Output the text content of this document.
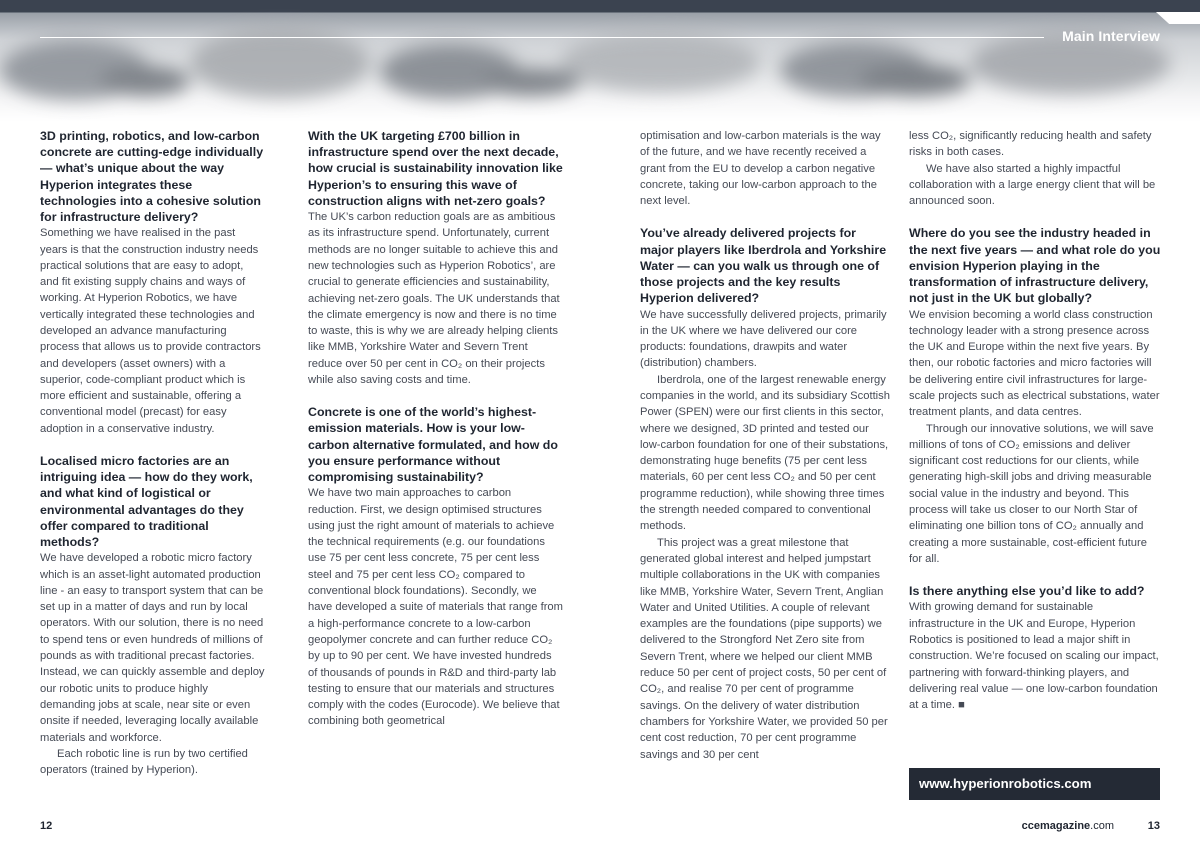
Main Interview
3D printing, robotics, and low-carbon concrete are cutting-edge individually — what’s unique about the way Hyperion integrates these technologies into a cohesive solution for infrastructure delivery?

Something we have realised in the past years is that the construction industry needs practical solutions that are easy to adopt, and fit existing supply chains and ways of working. At Hyperion Robotics, we have vertically integrated these technologies and developed an advance manufacturing process that allows us to provide contractors and developers (asset owners) with a superior, code-compliant product which is more efficient and sustainable, offering a conventional model (precast) for easy adoption in a conservative industry.

Localised micro factories are an intriguing idea — how do they work, and what kind of logistical or environmental advantages do they offer compared to traditional methods?

We have developed a robotic micro factory which is an asset-light automated production line - an easy to transport system that can be set up in a matter of days and run by local operators. With our solution, there is no need to spend tens or even hundreds of millions of pounds as with traditional precast factories. Instead, we can quickly assemble and deploy our robotic units to produce highly demanding jobs at scale, near site or even onsite if needed, leveraging locally available materials and workforce.

Each robotic line is run by two certified operators (trained by Hyperion).

With the UK targeting £700 billion in infrastructure spend over the next decade, how crucial is sustainability innovation like Hyperion’s to ensuring this wave of construction aligns with net-zero goals?

The UK’s carbon reduction goals are as ambitious as its infrastructure spend. Unfortunately, current methods are no longer suitable to achieve this and new technologies such as Hyperion Robotics’, are crucial to generate efficiencies and sustainability, achieving net-zero goals. The UK understands that the climate emergency is now and there is no time to waste, this is why we are already helping clients like MMB, Yorkshire Water and Severn Trent reduce over 50 per cent in CO₂ on their projects while also saving costs and time.

Concrete is one of the world’s highest-emission materials. How is your low-carbon alternative formulated, and how do you ensure performance without compromising sustainability?

We have two main approaches to carbon reduction. First, we design optimised structures using just the right amount of materials to achieve the technical requirements (e.g. our foundations use 75 per cent less concrete, 75 per cent less steel and 75 per cent less CO₂ compared to conventional block foundations). Secondly, we have developed a suite of materials that range from a high-performance concrete to a low-carbon geopolymer concrete and can further reduce CO₂ by up to 90 per cent. We have invested hundreds of thousands of pounds in R&D and third-party lab testing to ensure that our materials and structures comply with the codes (Eurocode). We believe that combining both geometrical

optimisation and low-carbon materials is the way of the future, and we have recently received a grant from the EU to develop a carbon negative concrete, taking our low-carbon approach to the next level.

You’ve already delivered projects for major players like Iberdrola and Yorkshire Water — can you walk us through one of those projects and the key results Hyperion delivered?

We have successfully delivered projects, primarily in the UK where we have delivered our core products: foundations, drawpits and water (distribution) chambers.

Iberdrola, one of the largest renewable energy companies in the world, and its subsidiary Scottish Power (SPEN) were our first clients in this sector, where we designed, 3D printed and tested our low-carbon foundation for one of their substations, demonstrating huge benefits (75 per cent less materials, 60 per cent less CO₂ and 50 per cent programme reduction), while showing three times the strength needed compared to conventional methods.

This project was a great milestone that generated global interest and helped jumpstart multiple collaborations in the UK with companies like MMB, Yorkshire Water, Severn Trent, Anglian Water and United Utilities. A couple of relevant examples are the foundations (pipe supports) we delivered to the Strongford Net Zero site from Severn Trent, where we helped our client MMB reduce 50 per cent of project costs, 50 per cent of CO₂, and realise 70 per cent of programme savings. On the delivery of water distribution chambers for Yorkshire Water, we provided 50 per cent cost reduction, 70 per cent programme savings and 30 per cent

less CO₂, significantly reducing health and safety risks in both cases.

We have also started a highly impactful collaboration with a large energy client that will be announced soon.

Where do you see the industry headed in the next five years — and what role do you envision Hyperion playing in the transformation of infrastructure delivery, not just in the UK but globally?

We envision becoming a world class construction technology leader with a strong presence across the UK and Europe within the next five years. By then, our robotic factories and micro factories will be delivering entire civil infrastructures for large-scale projects such as electrical substations, water treatment plants, and data centres.

Through our innovative solutions, we will save millions of tons of CO₂ emissions and deliver significant cost reductions for our clients, while generating high-skill jobs and driving measurable social value in the industry and beyond. This process will take us closer to our North Star of eliminating one billion tons of CO₂ annually and creating a more sustainable, cost-efficient future for all.

Is there anything else you’d like to add?

With growing demand for sustainable infrastructure in the UK and Europe, Hyperion Robotics is positioned to lead a major shift in construction. We’re focused on scaling our impact, partnering with forward-thinking players, and delivering real value — one low-carbon foundation at a time. ■

www.hyperionrobotics.com
12	ccemagazine.com	13
